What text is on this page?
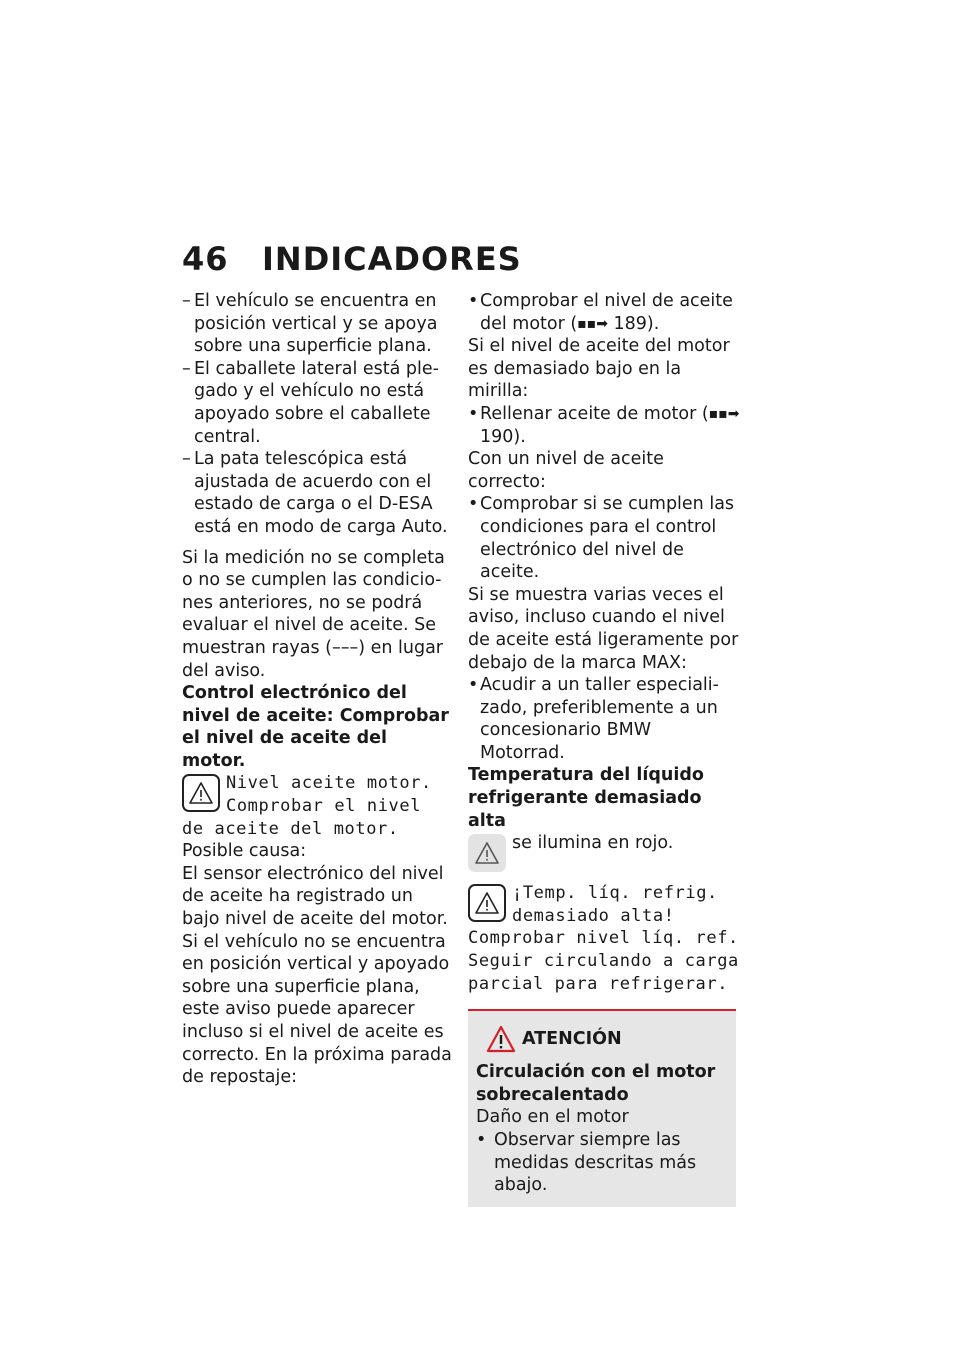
46 INDICADORES

– El vehículo se encuentra en posición vertical y se apoya sobre una superficie plana.

– El caballete lateral está plegado y el vehículo no está apoyado sobre el caballete central.

– La pata telescópica está ajustada de acuerdo con el estado de carga o el D-ESA está en modo de carga Auto.

Si la medición no se completa o no se cumplen las condiciones anteriores, no se podrá evaluar el nivel de aceite. Se muestran rayas (–––) en lugar del aviso.

Control electrónico del nivel de aceite: Comprobar el nivel de aceite del motor.

Nivel aceite motor. Comprobar el nivel de aceite del motor.

Posible causa:

El sensor electrónico del nivel de aceite ha registrado un bajo nivel de aceite del motor. Si el vehículo no se encuentra en posición vertical y apoyado sobre una superficie plana, este aviso puede aparecer incluso si el nivel de aceite es correcto. En la próxima parada de repostaje:

• Comprobar el nivel de aceite del motor (▪▪➡ 189).

Si el nivel de aceite del motor es demasiado bajo en la mirilla:

• Rellenar aceite de motor (▪▪➡ 190).

Con un nivel de aceite correcto:

• Comprobar si se cumplen las condiciones para el control electrónico del nivel de aceite.

Si se muestra varias veces el aviso, incluso cuando el nivel de aceite está ligeramente por debajo de la marca MAX:

• Acudir a un taller especializado, preferiblemente a un concesionario BMW Motorrad.

Temperatura del líquido refrigerante demasiado alta

se ilumina en rojo.
¡Temp. líq. refrig. demasiado alta! Comprobar nivel líq. ref. Seguir circulando a carga parcial para refrigerar.
ATENCIÓN

Circulación con el motor sobrecalentado

Daño en el motor

• Observar siempre las medidas descritas más abajo.
